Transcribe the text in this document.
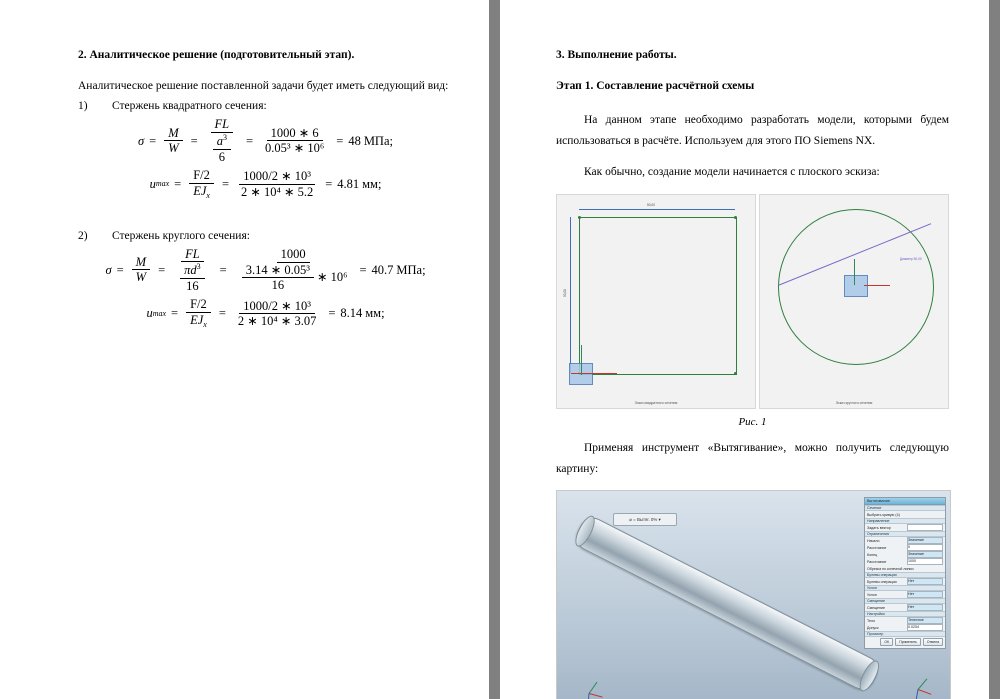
2. Аналитическое решение (подготовительный этап).

Аналитическое решение поставленной задачи будет иметь следующий вид:

1)	Стержень квадратного сечения:
$\sigma = \frac{M}{W} = \frac{FL}{\frac{a3}{6}} = \frac{1000 ∗ 6}{\text{0.05³ ∗ 10⁶}} = 48$ МПа;
u $\max = \frac{F/2}{\text{EJx}} = \frac{\text{1000/2 ∗ 10³}}{\text{2 ∗ 10⁴ ∗ 5.2}} = 4.81$ мм;
2)	Стержень круглого сечения:
$\sigma = \frac{M}{W} = \frac{FL}{\frac{\pi d3}{16}} = \frac{1000}{\frac{\text{3.14 ∗ 0.05³}}{16} ∗ 10^6} = 40.7$ МПа;
u $\max = \frac{F/2}{\text{EJx}} = \frac{\text{1000/2 ∗ 10³}}{\text{2 ∗ 10⁴ ∗ 3.07}} = 8.14$ мм;
3. Выполнение работы.
Этап 1. Составление расчётной схемы

На данном этапе необходимо разработать модели, которыми будем использоваться в расчёте. Используем для этого ПО Siemens NX.

Как обычно, создание модели начинается с плоского эскиза:

50,00
50,00
Эскиз квадратного сечения
Диаметр 50,00
Эскиз круглого сечения
Рис. 1

Применяя инструмент «Вытягивание», можно получить следующую картину:

⌀ = Вытяг. 0% ▾
Вытягивание
Сечение
Выбрать кривую (4)
Направление
Задать вектор
Ограничения
Начало	Значение
Расстояние	0
Конец	Значение
Расстояние	1000
Обрезка по конечной линии
Булевы операции
Булевы операции	Нет
Уклон
Уклон	Нет
Смещение
Смещение	Нет
Настройки
Тело	Телесное
Допуск	0.0254
Просмотр
OK	Применить	Отмена
